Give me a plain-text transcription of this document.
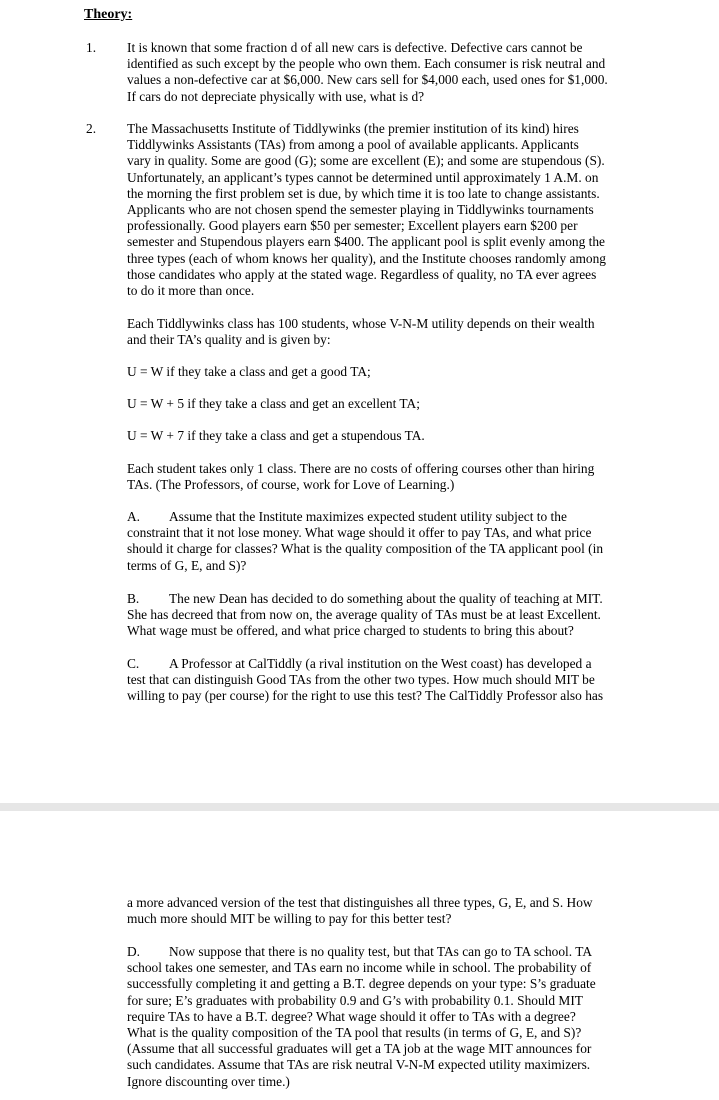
Theory:
1. It is known that some fraction d of all new cars is defective. Defective cars cannot be

identified as such except by the people who own them. Each consumer is risk neutral and

values a non-defective car at $6,000. New cars sell for $4,000 each, used ones for $1,000.

If cars do not depreciate physically with use, what is d?

2. The Massachusetts Institute of Tiddlywinks (the premier institution of its kind) hires

Tiddlywinks Assistants (TAs) from among a pool of available applicants. Applicants

vary in quality. Some are good (G); some are excellent (E); and some are stupendous (S).

Unfortunately, an applicant’s types cannot be determined until approximately 1 A.M. on

the morning the first problem set is due, by which time it is too late to change assistants.

Applicants who are not chosen spend the semester playing in Tiddlywinks tournaments

professionally. Good players earn $50 per semester; Excellent players earn $200 per

semester and Stupendous players earn $400. The applicant pool is split evenly among the

three types (each of whom knows her quality), and the Institute chooses randomly among

those candidates who apply at the stated wage. Regardless of quality, no TA ever agrees

to do it more than once.

Each Tiddlywinks class has 100 students, whose V-N-M utility depends on their wealth

and their TA’s quality and is given by:

U = W if they take a class and get a good TA;
U = W + 5 if they take a class and get an excellent TA;
U = W + 7 if they take a class and get a stupendous TA.

Each student takes only 1 class. There are no costs of offering courses other than hiring

TAs. (The Professors, of course, work for Love of Learning.)

A. Assume that the Institute maximizes expected student utility subject to the

constraint that it not lose money. What wage should it offer to pay TAs, and what price

should it charge for classes? What is the quality composition of the TA applicant pool (in

terms of G, E, and S)?

B. The new Dean has decided to do something about the quality of teaching at MIT.

She has decreed that from now on, the average quality of TAs must be at least Excellent.

What wage must be offered, and what price charged to students to bring this about?

C. A Professor at CalTiddly (a rival institution on the West coast) has developed a

test that can distinguish Good TAs from the other two types. How much should MIT be

willing to pay (per course) for the right to use this test? The CalTiddly Professor also has

a more advanced version of the test that distinguishes all three types, G, E, and S. How

much more should MIT be willing to pay for this better test?

D. Now suppose that there is no quality test, but that TAs can go to TA school. TA

school takes one semester, and TAs earn no income while in school. The probability of

successfully completing it and getting a B.T. degree depends on your type: S’s graduate

for sure; E’s graduates with probability 0.9 and G’s with probability 0.1. Should MIT

require TAs to have a B.T. degree? What wage should it offer to TAs with a degree?

What is the quality composition of the TA pool that results (in terms of G, E, and S)?

(Assume that all successful graduates will get a TA job at the wage MIT announces for

such candidates. Assume that TAs are risk neutral V-N-M expected utility maximizers.

Ignore discounting over time.)
